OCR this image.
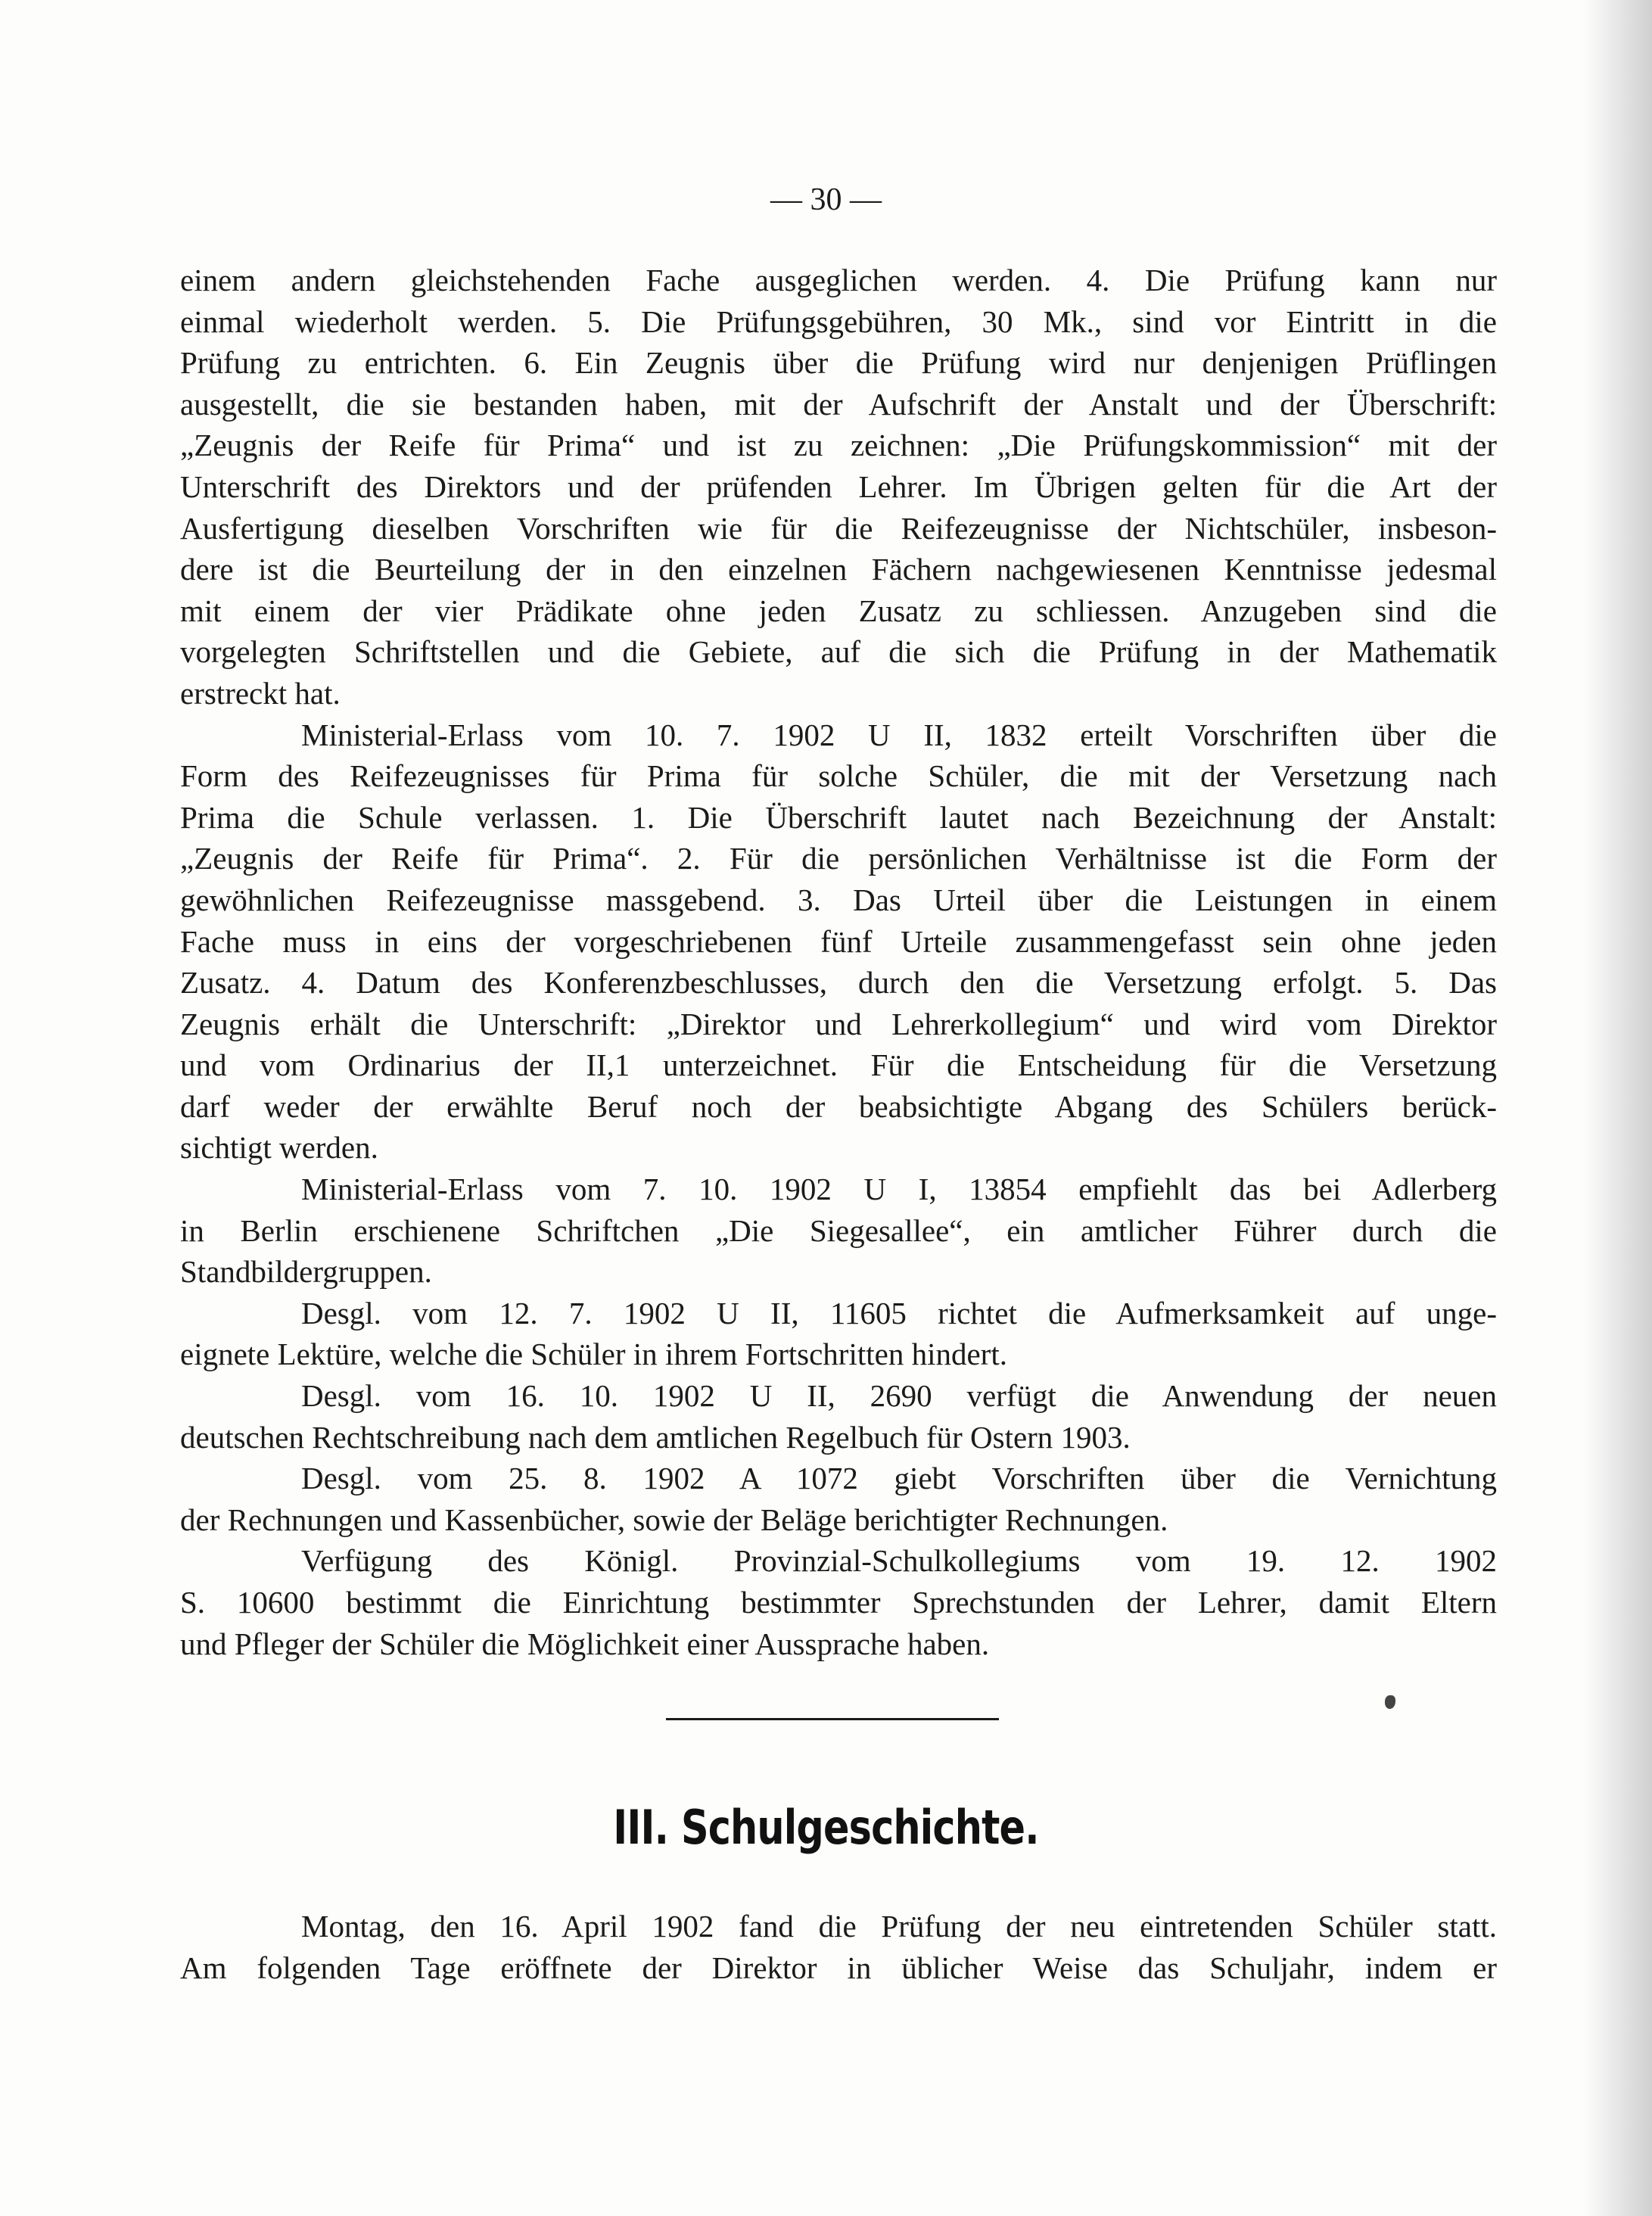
— 30 —
einem andern gleichstehenden Fache ausgeglichen werden. 4. Die Prüfung kann nur
einmal wiederholt werden. 5. Die Prüfungsgebühren, 30 Mk., sind vor Eintritt in die
Prüfung zu entrichten. 6. Ein Zeugnis über die Prüfung wird nur denjenigen Prüflingen
ausgestellt, die sie bestanden haben, mit der Aufschrift der Anstalt und der Überschrift:
„Zeugnis der Reife für Prima“ und ist zu zeichnen: „Die Prüfungskommission“ mit der
Unterschrift des Direktors und der prüfenden Lehrer. Im Übrigen gelten für die Art der
Ausfertigung dieselben Vorschriften wie für die Reifezeugnisse der Nichtschüler, insbeson-
dere ist die Beurteilung der in den einzelnen Fächern nachgewiesenen Kenntnisse jedesmal
mit einem der vier Prädikate ohne jeden Zusatz zu schliessen. Anzugeben sind die
vorgelegten Schriftstellen und die Gebiete, auf die sich die Prüfung in der Mathematik
erstreckt hat.
Ministerial-Erlass vom 10. 7. 1902 U II, 1832 erteilt Vorschriften über die
Form des Reifezeugnisses für Prima für solche Schüler, die mit der Versetzung nach
Prima die Schule verlassen. 1. Die Überschrift lautet nach Bezeichnung der Anstalt:
„Zeugnis der Reife für Prima“. 2. Für die persönlichen Verhältnisse ist die Form der
gewöhnlichen Reifezeugnisse massgebend. 3. Das Urteil über die Leistungen in einem
Fache muss in eins der vorgeschriebenen fünf Urteile zusammengefasst sein ohne jeden
Zusatz. 4. Datum des Konferenzbeschlusses, durch den die Versetzung erfolgt. 5. Das
Zeugnis erhält die Unterschrift: „Direktor und Lehrerkollegium“ und wird vom Direktor
und vom Ordinarius der II,1 unterzeichnet. Für die Entscheidung für die Versetzung
darf weder der erwählte Beruf noch der beabsichtigte Abgang des Schülers berück-
sichtigt werden.
Ministerial-Erlass vom 7. 10. 1902 U I, 13854 empfiehlt das bei Adlerberg
in Berlin erschienene Schriftchen „Die Siegesallee“, ein amtlicher Führer durch die
Standbildergruppen.
Desgl. vom 12. 7. 1902 U II, 11605 richtet die Aufmerksamkeit auf unge-
eignete Lektüre, welche die Schüler in ihrem Fortschritten hindert.
Desgl. vom 16. 10. 1902 U II, 2690 verfügt die Anwendung der neuen
deutschen Rechtschreibung nach dem amtlichen Regelbuch für Ostern 1903.
Desgl. vom 25. 8. 1902 A 1072 giebt Vorschriften über die Vernichtung
der Rechnungen und Kassenbücher, sowie der Beläge berichtigter Rechnungen.
Verfügung des Königl. Provinzial-Schulkollegiums vom 19. 12. 1902
S. 10600 bestimmt die Einrichtung bestimmter Sprechstunden der Lehrer, damit Eltern
und Pfleger der Schüler die Möglichkeit einer Aussprache haben.
III. Schulgeschichte.
Montag, den 16. April 1902 fand die Prüfung der neu eintretenden Schüler statt.
Am folgenden Tage eröffnete der Direktor in üblicher Weise das Schuljahr, indem er
